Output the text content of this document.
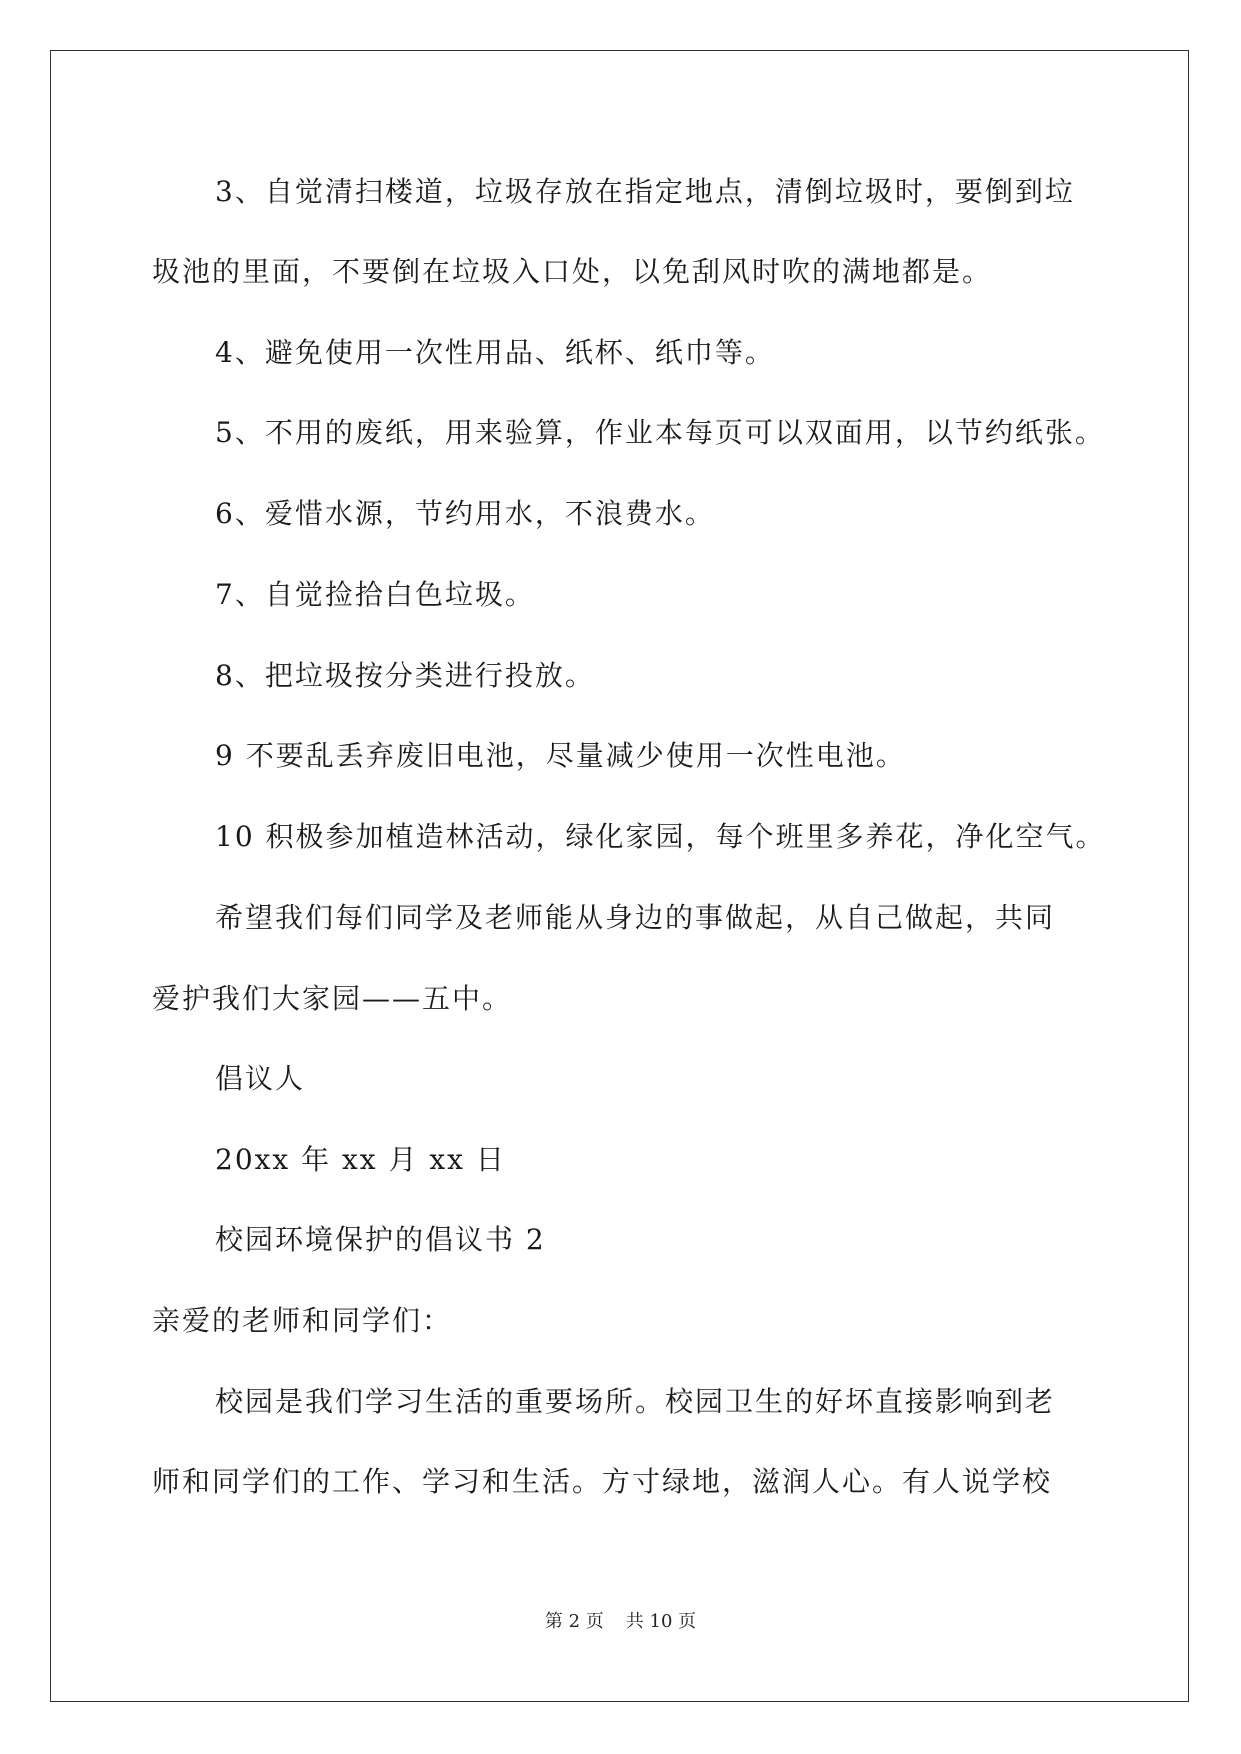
3、自觉清扫楼道，垃圾存放在指定地点，清倒垃圾时，要倒到垃
圾池的里面，不要倒在垃圾入口处，以免刮风时吹的满地都是。
4、避免使用一次性用品、纸杯、纸巾等。
5、不用的废纸，用来验算，作业本每页可以双面用，以节约纸张。
6、爱惜水源，节约用水，不浪费水。
7、自觉捡拾白色垃圾。
8、把垃圾按分类进行投放。
9 不要乱丢弃废旧电池，尽量减少使用一次性电池。
10 积极参加植造林活动，绿化家园，每个班里多养花，净化空气。
希望我们每们同学及老师能从身边的事做起，从自己做起，共同
爱护我们大家园——五中。
倡议人
20xx 年 xx 月 xx 日
校园环境保护的倡议书 2
亲爱的老师和同学们：
校园是我们学习生活的重要场所。校园卫生的好坏直接影响到老
师和同学们的工作、学习和生活。方寸绿地，滋润人心。有人说学校
第 2 页 共 10 页
